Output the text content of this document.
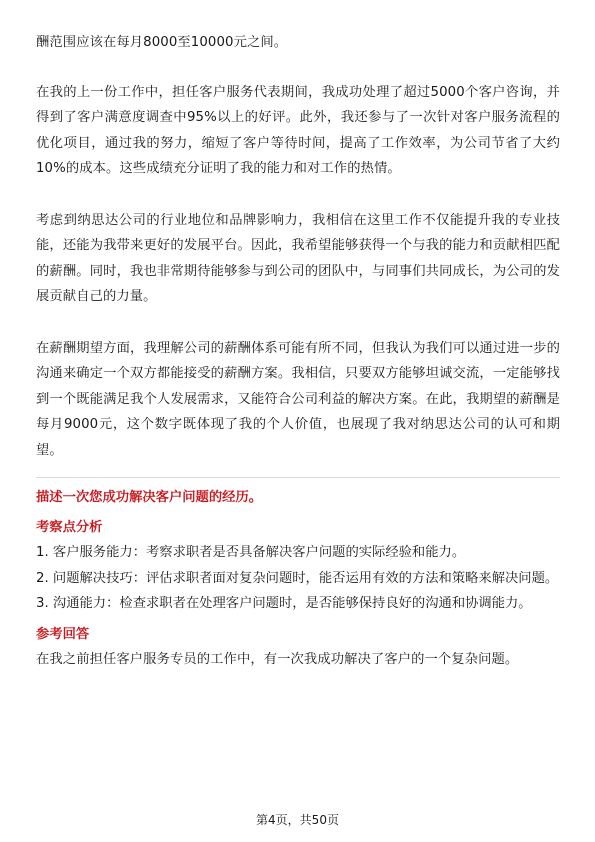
酬范围应该在每月8000至10000元之间。

在我的上一份工作中，担任客户服务代表期间，我成功处理了超过5000个客户咨询，并得到了客户满意度调查中95%以上的好评。此外，我还参与了一次针对客户服务流程的优化项目，通过我的努力，缩短了客户等待时间，提高了工作效率，为公司节省了大约10%的成本。这些成绩充分证明了我的能力和对工作的热情。

考虑到纳思达公司的行业地位和品牌影响力，我相信在这里工作不仅能提升我的专业技能，还能为我带来更好的发展平台。因此，我希望能够获得一个与我的能力和贡献相匹配的薪酬。同时，我也非常期待能够参与到公司的团队中，与同事们共同成长，为公司的发展贡献自己的力量。

在薪酬期望方面，我理解公司的薪酬体系可能有所不同，但我认为我们可以通过进一步的沟通来确定一个双方都能接受的薪酬方案。我相信，只要双方能够坦诚交流，一定能够找到一个既能满足我个人发展需求，又能符合公司利益的解决方案。在此，我期望的薪酬是每月9000元，这个数字既体现了我的个人价值，也展现了我对纳思达公司的认可和期望。

描述一次您成功解决客户问题的经历。

考察点分析

1. 客户服务能力：考察求职者是否具备解决客户问题的实际经验和能力。
2. 问题解决技巧：评估求职者面对复杂问题时，能否运用有效的方法和策略来解决问题。
3. 沟通能力：检查求职者在处理客户问题时，是否能够保持良好的沟通和协调能力。

参考回答

在我之前担任客户服务专员的工作中，有一次我成功解决了客户的一个复杂问题。

第4页，共50页
